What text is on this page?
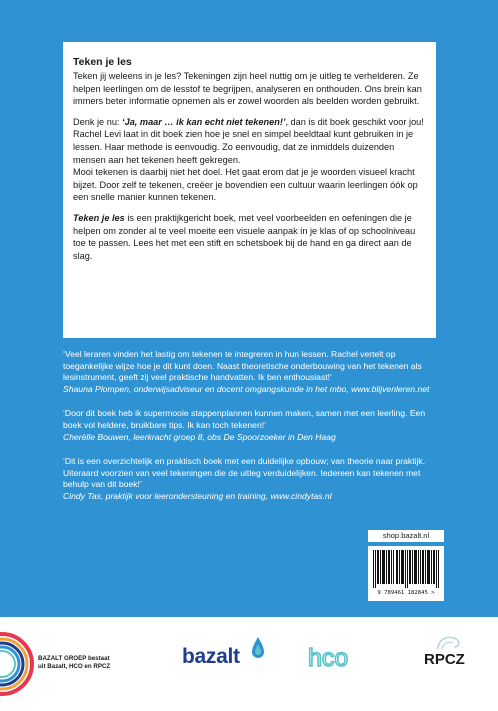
Teken je les

Teken jij weleens in je les? Tekeningen zijn heel nuttig om je uitleg te verhelderen. Ze helpen leerlingen om de lesstof te begrijpen, analyseren en onthouden. Ons brein kan immers beter informatie opnemen als er zowel woorden als beelden worden gebruikt.

Denk je nu: ‘Ja, maar … ik kan echt niet tekenen!’, dan is dit boek geschikt voor jou! Rachel Levi laat in dit boek zien hoe je snel en simpel beeldtaal kunt gebruiken in je lessen. Haar methode is eenvoudig. Zo eenvoudig, dat ze inmiddels duizenden mensen aan het tekenen heeft gekregen.
Mooi tekenen is daarbij niet het doel. Het gaat erom dat je je woorden visueel kracht bijzet. Door zelf te tekenen, creëer je bovendien een cultuur waarin leerlingen óók op een snelle manier kunnen tekenen.

Teken je les is een praktijkgericht boek, met veel voorbeelden en oefeningen die je helpen om zonder al te veel moeite een visuele aanpak in je klas of op schoolniveau toe te passen. Lees het met een stift en schetsboek bij de hand en ga direct aan de slag.

‘Veel leraren vinden het lastig om tekenen te integreren in hun lessen. Rachel vertelt op toegankelijke wijze hoe je dit kunt doen. Naast theoretische onderbouwing van het tekenen als lesinstrument, geeft zij veel praktische handvatten. Ik ben enthousiast!’
Shauna Plompen, onderwijsadviseur en docent omgangskunde in het mbo, www.blijvenleren.net
‘Door dit boek heb ik supermooie stappenplannen kunnen maken, samen met een leerling. Een boek vol heldere, bruikbare tips. Ik kan toch tekenen!’
Cherèlle Bouwen, leerkracht groep 8, obs De Spoorzoeker in Den Haag
‘Dit is een overzichtelijk en praktisch boek met een duidelijke opbouw; van theorie naar praktijk. Uiteraard voorzien van veel tekeningen die de uitleg verduidelijken. Iedereen kan tekenen met behulp van dit boek!’
Cindy Tas, praktijk voor leerondersteuning en training, www.cindytas.nl
shop.bazalt.nl
9 789461 182845 >
BAZALT GROEP bestaat
uit Bazalt, HCO en RPCZ	bazalt	hco	RPCZ
